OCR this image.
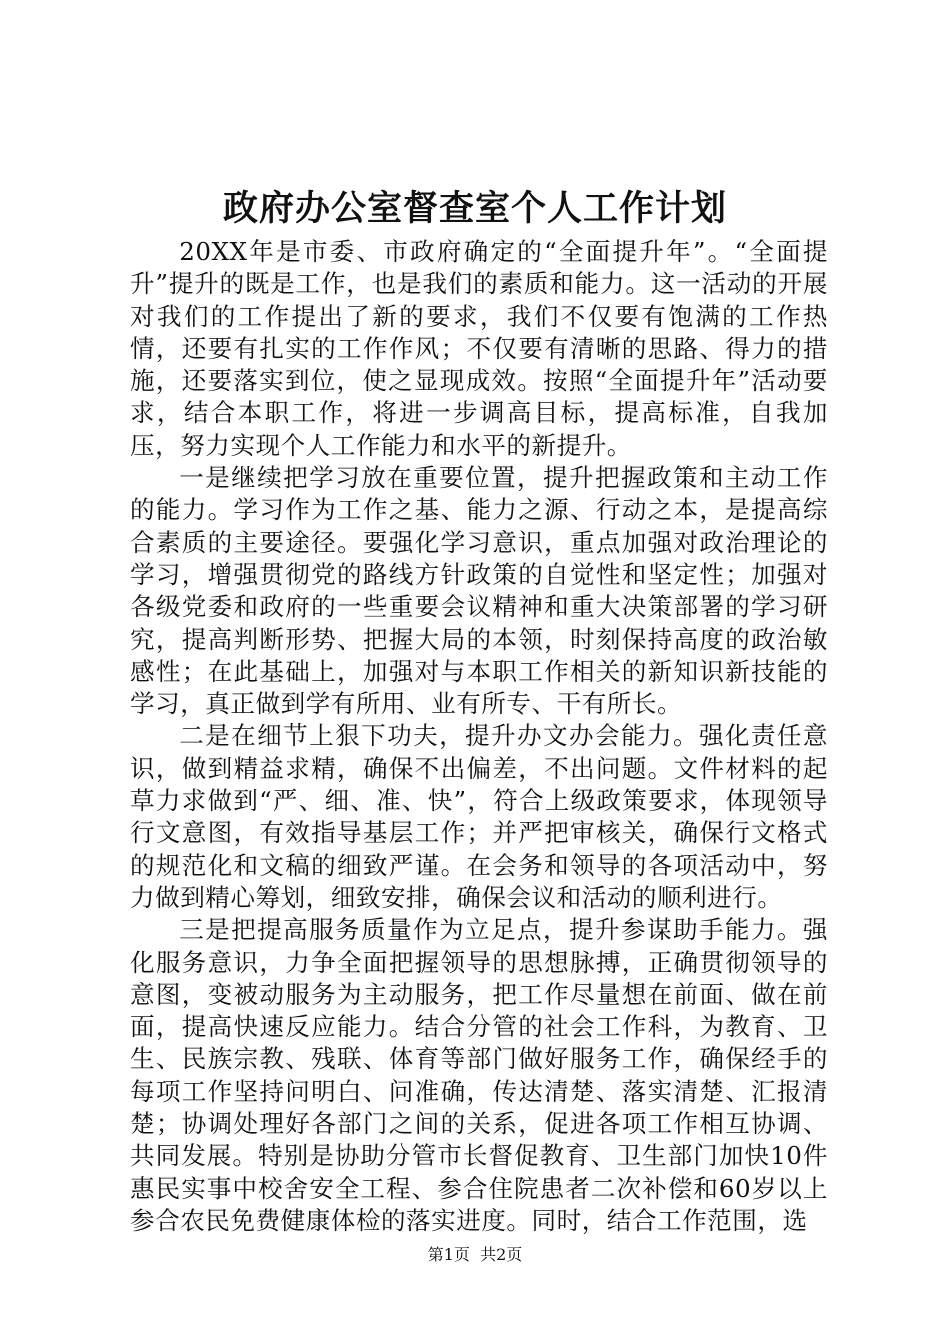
政府办公室督查室个人工作计划

20XX年是市委、市政府确定的“全面提升年”。“全面提升”提升的既是工作，也是我们的素质和能力。这一活动的开展对我们的工作提出了新的要求，我们不仅要有饱满的工作热情，还要有扎实的工作作风；不仅要有清晰的思路、得力的措施，还要落实到位，使之显现成效。按照“全面提升年”活动要求，结合本职工作，将进一步调高目标，提高标准，自我加压，努力实现个人工作能力和水平的新提升。

一是继续把学习放在重要位置，提升把握政策和主动工作的能力。学习作为工作之基、能力之源、行动之本，是提高综合素质的主要途径。要强化学习意识，重点加强对政治理论的学习，增强贯彻党的路线方针政策的自觉性和坚定性；加强对各级党委和政府的一些重要会议精神和重大决策部署的学习研究，提高判断形势、把握大局的本领，时刻保持高度的政治敏感性；在此基础上，加强对与本职工作相关的新知识新技能的学习，真正做到学有所用、业有所专、干有所长。

二是在细节上狠下功夫，提升办文办会能力。强化责任意识，做到精益求精，确保不出偏差，不出问题。文件材料的起草力求做到“严、细、准、快”，符合上级政策要求，体现领导行文意图，有效指导基层工作；并严把审核关，确保行文格式的规范化和文稿的细致严谨。在会务和领导的各项活动中，努力做到精心筹划，细致安排，确保会议和活动的顺利进行。

三是把提高服务质量作为立足点，提升参谋助手能力。强化服务意识，力争全面把握领导的思想脉搏，正确贯彻领导的意图，变被动服务为主动服务，把工作尽量想在前面、做在前面，提高快速反应能力。结合分管的社会工作科，为教育、卫生、民族宗教、残联、体育等部门做好服务工作，确保经手的每项工作坚持问明白、问准确，传达清楚、落实清楚、汇报清楚；协调处理好各部门之间的关系，促进各项工作相互协调、共同发展。特别是协助分管市长督促教育、卫生部门加快10件惠民实事中校舍安全工程、参合住院患者二次补偿和60岁以上参合农民免费健康体检的落实进度。同时，结合工作范围，选

第1页 共2页
